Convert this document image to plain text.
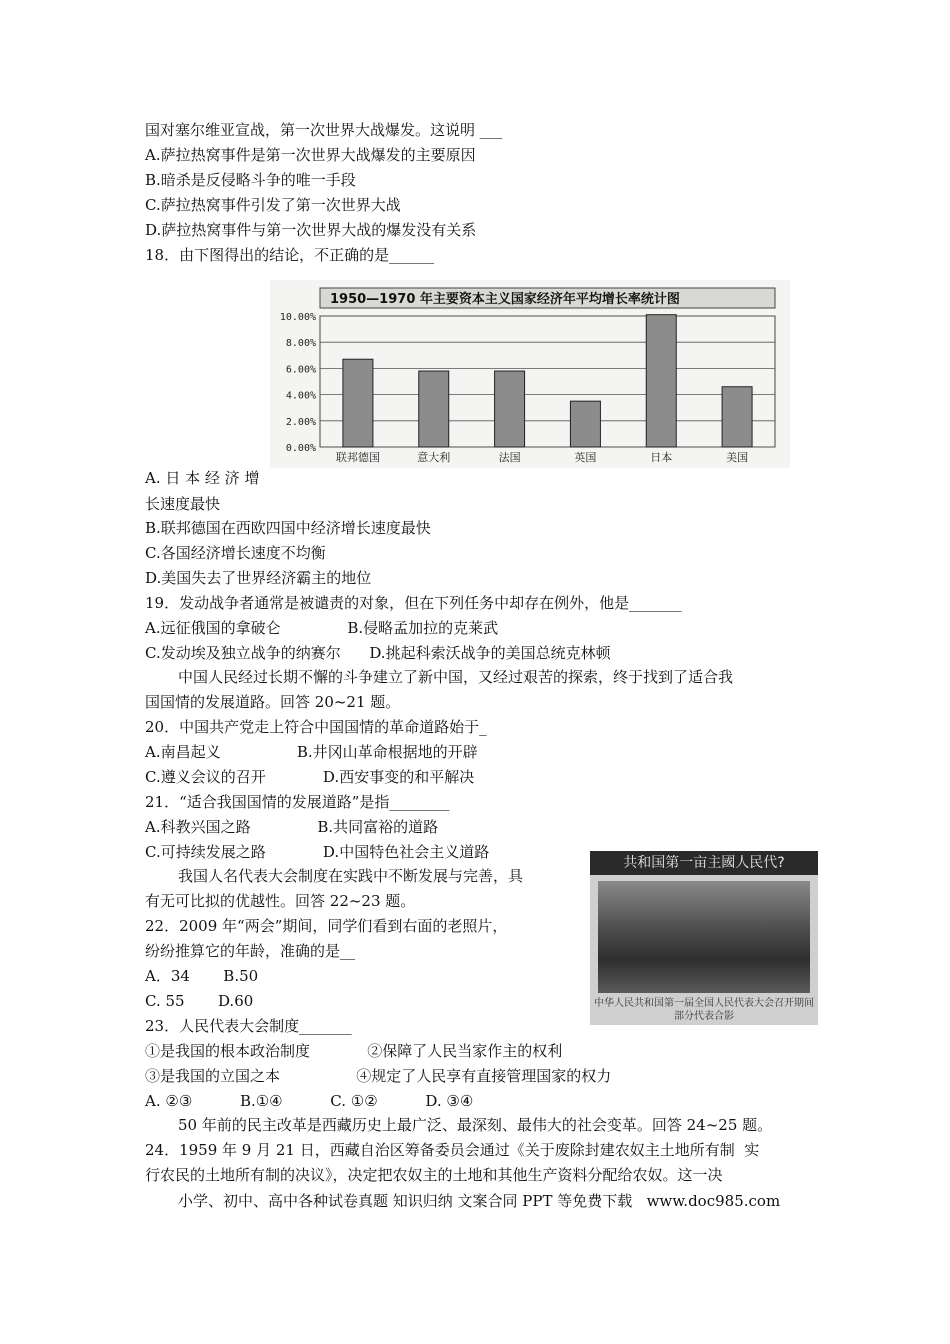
国对塞尔维亚宣战，第一次世界大战爆发。这说明 ___
A.萨拉热窝事件是第一次世界大战爆发的主要原因
B.暗杀是反侵略斗争的唯一手段
C.萨拉热窝事件引发了第一次世界大战
D.萨拉热窝事件与第一次世界大战的爆发没有关系
18．由下图得出的结论，不正确的是______
1950—1970 年主要资本主义国家经济年平均增长率统计图
0.00%
2.00%
4.00%
6.00%
8.00%
10.00%
联邦德国	意大利	法国	英国	日本	美国
A. 日 本 经 济 增
长速度最快
B.联邦德国在西欧四国中经济增长速度最快
C.各国经济增长速度不均衡
D.美国失去了世界经济霸主的地位
19．发动战争者通常是被谴责的对象，但在下列任务中却存在例外，他是_______
A.远征俄国的拿破仑              B.侵略孟加拉的克莱武
C.发动埃及独立战争的纳赛尔      D.挑起科索沃战争的美国总统克林顿
中国人民经过长期不懈的斗争建立了新中国，又经过艰苦的探索，终于找到了适合我
国国情的发展道路。回答 20~21 题。
20．中国共产党走上符合中国国情的革命道路始于_
A.南昌起义                B.井冈山革命根据地的开辟
C.遵义会议的召开            D.西安事变的和平解决
21．“适合我国国情的发展道路”是指________
A.科教兴国之路              B.共同富裕的道路
C.可持续发展之路            D.中国特色社会主义道路
我国人名代表大会制度在实践中不断发展与完善，具
有无可比拟的优越性。回答 22~23 题。
22．2009 年“两会”期间，同学们看到右面的老照片，
纷纷推算它的年龄，准确的是__
A．34       B.50
C. 55       D.60
23．人民代表大会制度_______
①是我国的根本政治制度            ②保障了人民当家作主的权利
③是我国的立国之本                ④规定了人民享有直接管理国家的权力
A. ②③          B.①④          C. ①②          D. ③④
50 年前的民主改革是西藏历史上最广泛、最深刻、最伟大的社会变革。回答 24~25 题。
24．1959 年 9 月 21 日，西藏自治区筹备委员会通过《关于废除封建农奴主土地所有制  实
行农民的土地所有制的决议》，决定把农奴主的土地和其他生产资料分配给农奴。这一决
共和国第一亩主國人民代?
中华人民共和国第一届全国人民代表大会召开期间
部分代表合影
小学、初中、高中各种试卷真题 知识归纳 文案合同 PPT 等免费下载   www.doc985.com
